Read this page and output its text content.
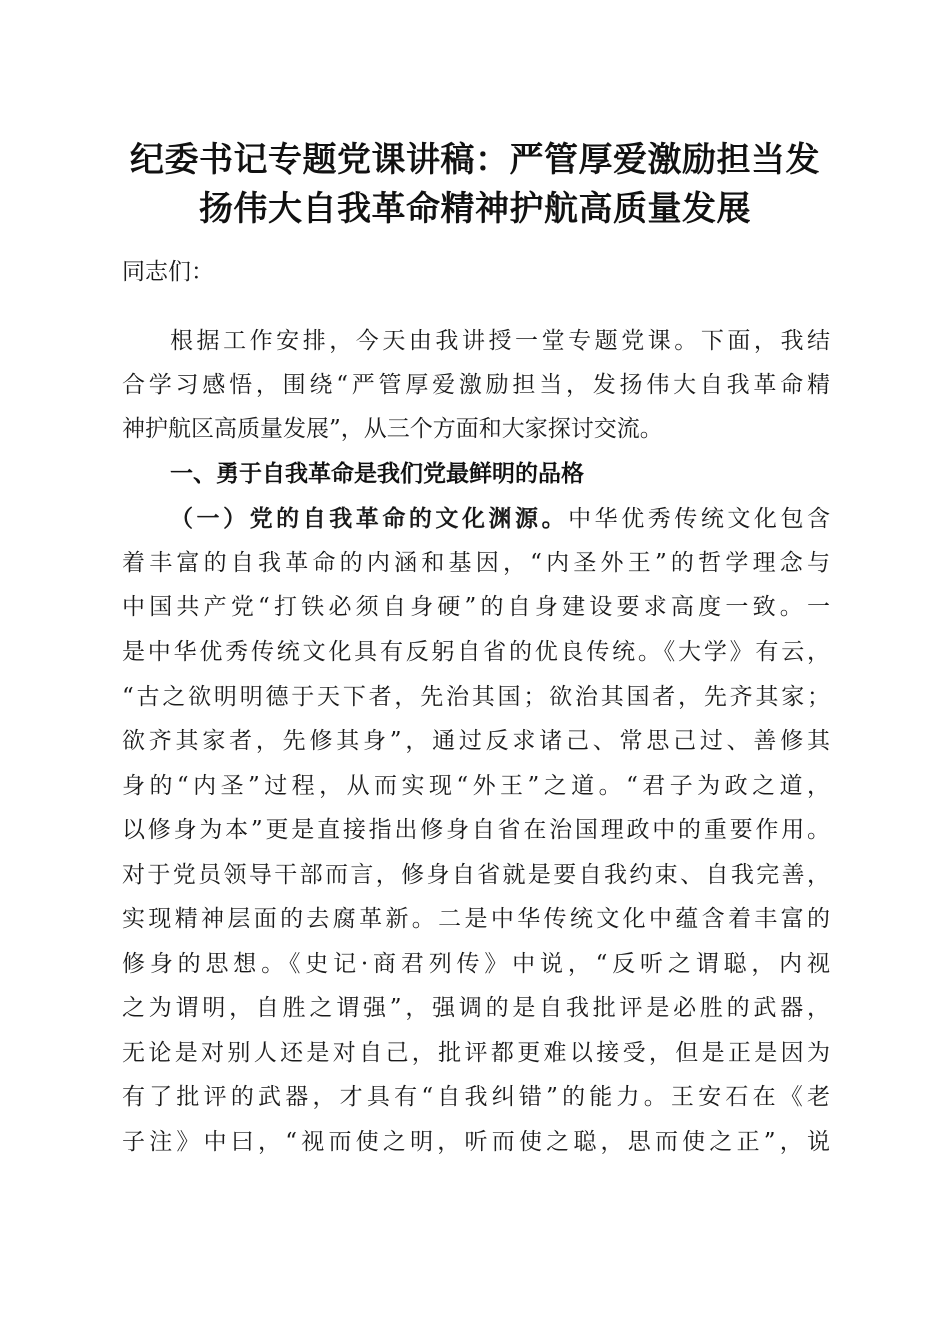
纪委书记专题党课讲稿：严管厚爱激励担当发
扬伟大自我革命精神护航高质量发展
同志们：
根据工作安排，今天由我讲授一堂专题党课。下面，我结
合学习感悟，围绕“严管厚爱激励担当，发扬伟大自我革命精
神护航区高质量发展”，从三个方面和大家探讨交流。
一、勇于自我革命是我们党最鲜明的品格
（一）党的自我革命的文化渊源。中华优秀传统文化包含
着丰富的自我革命的内涵和基因，“内圣外王”的哲学理念与
中国共产党“打铁必须自身硬”的自身建设要求高度一致。一
是中华优秀传统文化具有反躬自省的优良传统。《大学》有云，
“古之欲明明德于天下者，先治其国；欲治其国者，先齐其家；
欲齐其家者，先修其身”，通过反求诸己、常思己过、善修其
身的“内圣”过程，从而实现“外王”之道。“君子为政之道，
以修身为本”更是直接指出修身自省在治国理政中的重要作用。
对于党员领导干部而言，修身自省就是要自我约束、自我完善，
实现精神层面的去腐革新。二是中华传统文化中蕴含着丰富的
修身的思想。《史记·商君列传》中说，“反听之谓聪，内视
之为谓明，自胜之谓强”，强调的是自我批评是必胜的武器，
无论是对别人还是对自己，批评都更难以接受，但是正是因为
有了批评的武器，才具有“自我纠错”的能力。王安石在《老
子注》中曰，“视而使之明，听而使之聪，思而使之正”，说
